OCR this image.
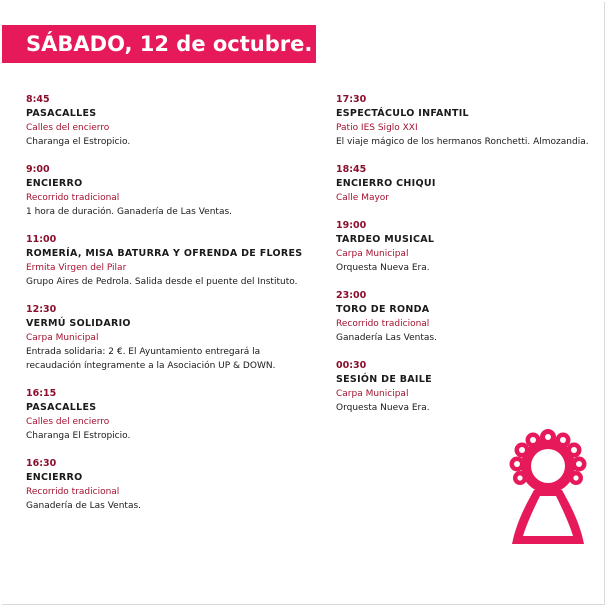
SÁBADO, 12 de octubre.
8:45
PASACALLES
Calles del encierro
Charanga el Estropicio.
9:00
ENCIERRO
Recorrido tradicional
1 hora de duración. Ganadería de Las Ventas.
11:00
ROMERÍA, MISA BATURRA Y OFRENDA DE FLORES
Ermita Virgen del Pilar
Grupo Aires de Pedrola. Salida desde el puente del Instituto.
12:30
VERMÚ SOLIDARIO
Carpa Municipal
Entrada solidaria: 2 €. El Ayuntamiento entregará la recaudación íntegramente a la Asociación UP & DOWN.
16:15
PASACALLES
Calles del encierro
Charanga El Estropicio.
16:30
ENCIERRO
Recorrido tradicional
Ganadería de Las Ventas.
17:30
ESPECTÁCULO INFANTIL
Patio IES Siglo XXI
El viaje mágico de los hermanos Ronchetti. Almozandia.
18:45
ENCIERRO CHIQUI
Calle Mayor
19:00
TARDEO MUSICAL
Carpa Municipal
Orquesta Nueva Era.
23:00
TORO DE RONDA
Recorrido tradicional
Ganadería Las Ventas.
00:30
SESIÓN DE BAILE
Carpa Municipal
Orquesta Nueva Era.
